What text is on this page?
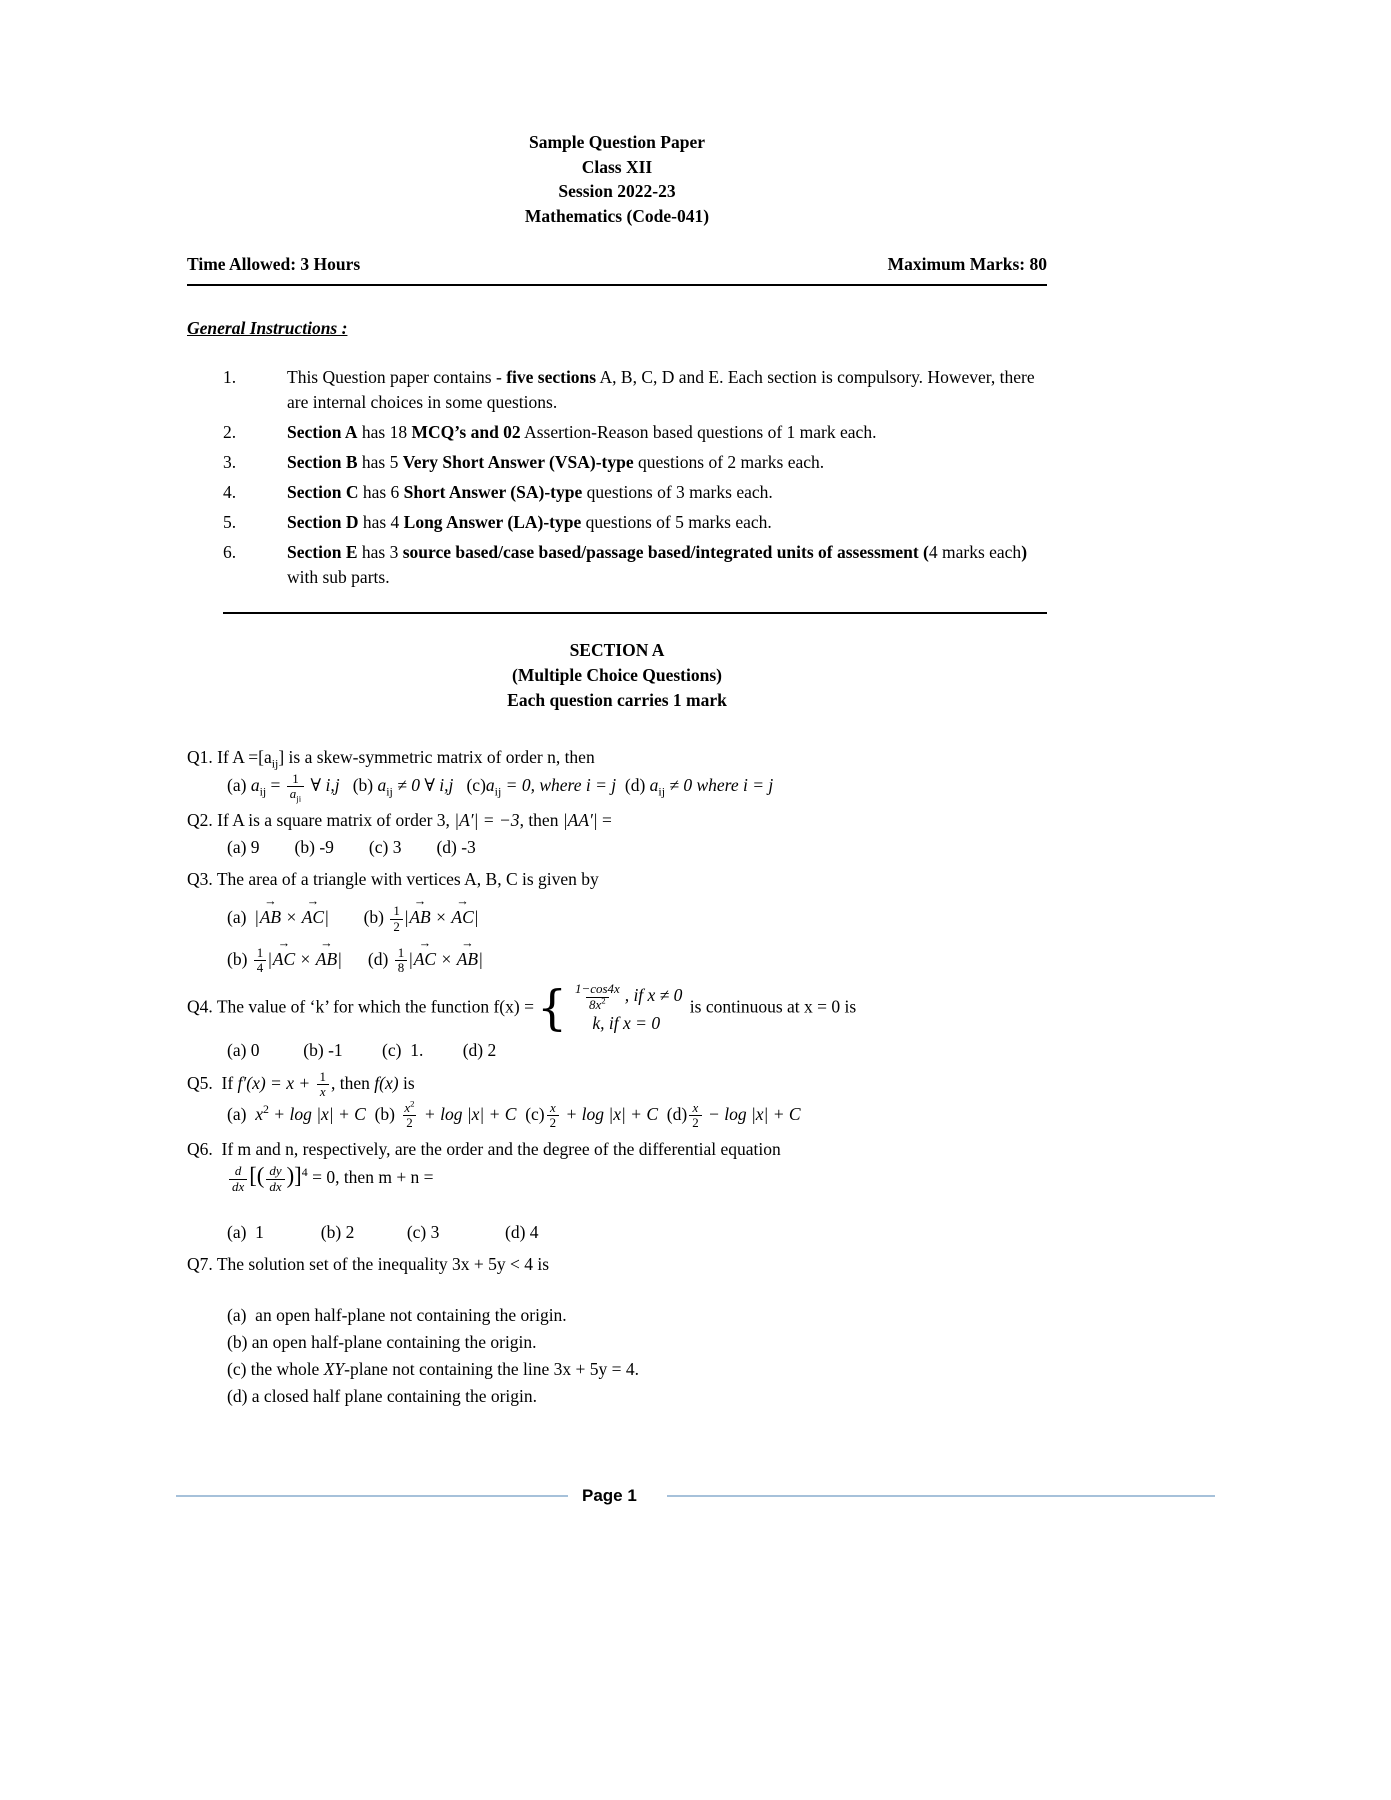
Sample Question Paper
Class XII
Session 2022-23
Mathematics (Code-041)
Time Allowed: 3 Hours	Maximum Marks: 80
General Instructions :
1.	This Question paper contains - five sections A, B, C, D and E. Each section is compulsory. However, there are internal choices in some questions.
2.	Section A has 18 MCQ’s and 02 Assertion-Reason based questions of 1 mark each.
3.	Section B has 5 Very Short Answer (VSA)-type questions of 2 marks each.
4.	Section C has 6 Short Answer (SA)-type questions of 3 marks each.
5.	Section D has 4 Long Answer (LA)-type questions of 5 marks each.
6.	Section E has 3 source based/case based/passage based/integrated units of assessment (4 marks each) with sub parts.
SECTION A
(Multiple Choice Questions)
Each question carries 1 mark
Q1. If $A =[a_{ij}]$ is a skew-symmetric matrix of order n, then
(a) $a_{ij} = \frac{1}{a_{ji}}$ ∀ i,j   (b) $a_{ij} \ne 0$ ∀ i,j   $(c)a_{ij} = 0$, where i = j  (d) $a_{ij} \ne 0$ where i = j
Q2. If A is a square matrix of order 3, |A′| = −3, then |AA′| =
(a) 9        (b) -9        (c) 3        (d) -3
Q3. The area of a triangle with vertices A, B, C is given by
(a)  |AB → × AC →|        $(b) \frac{1}{2} |AB$ → × AC →|
$(b) \frac{1}{4} |AC$ → × AB →|      $(d) \frac{1}{8} |AC$ → × AB →|
Q4. The value of ‘k’ for which the function f(x) = { $\frac{1-\cos 4x}{8x^2}$ , if x ≠ 0
k, if x = 0
is continuous at x = 0 is
(a) 0          (b) -1         (c)  1.         (d) 2
Q5.  If $f'(x) = x + \frac{1}{x}$ , then f(x) is
(a)  $x^2 + \log |x| + C$  $(b) \frac{x^2}{2} + \log |x| + C$  $(c) \frac{x}{2} + \log |x| + C$  $(d) \frac{x}{2} - \log |x| + C$
Q6.  If m and n, respectively, are the order and the degree of the differential equation
$\frac{d}{dx}$ [( $\frac{dy}{dx} )]^4 = 0$, then m + n =
(a)  1             (b) 2            (c) 3               (d) 4
Q7. The solution set of the inequality 3x + 5y < 4 is
(a)  an open half-plane not containing the origin.
(b) an open half-plane containing the origin.
(c) the whole XY-plane not containing the line 3x + 5y = 4.
(d) a closed half plane containing the origin.
Page 1
